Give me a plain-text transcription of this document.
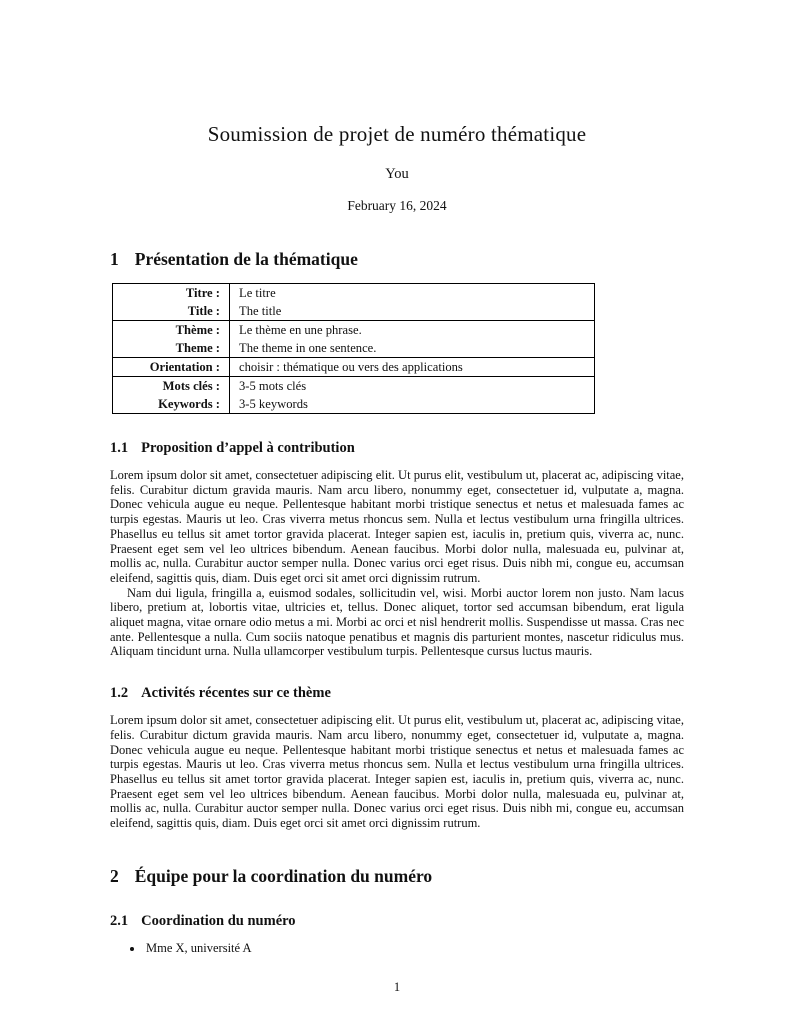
Soumission de projet de numéro thématique
You
February 16, 2024
1 Présentation de la thématique
Titre :	Le titre
Title :	The title
Thème :	Le thème en une phrase.
Theme :	The theme in one sentence.
Orientation :	choisir : thématique ou vers des applications
Mots clés :	3-5 mots clés
Keywords :	3-5 keywords
1.1 Proposition d’appel à contribution

Lorem ipsum dolor sit amet, consectetuer adipiscing elit. Ut purus elit, vestibulum ut, placerat ac, adipiscing vitae, felis. Curabitur dictum gravida mauris. Nam arcu libero, nonummy eget, consectetuer id, vulputate a, magna. Donec vehicula augue eu neque. Pellentesque habitant morbi tristique senectus et netus et malesuada fames ac turpis egestas. Mauris ut leo. Cras viverra metus rhoncus sem. Nulla et lectus vestibulum urna fringilla ultrices. Phasellus eu tellus sit amet tortor gravida placerat. Integer sapien est, iaculis in, pretium quis, viverra ac, nunc. Praesent eget sem vel leo ultrices bibendum. Aenean faucibus. Morbi dolor nulla, malesuada eu, pulvinar at, mollis ac, nulla. Curabitur auctor semper nulla. Donec varius orci eget risus. Duis nibh mi, congue eu, accumsan eleifend, sagittis quis, diam. Duis eget orci sit amet orci dignissim rutrum.

Nam dui ligula, fringilla a, euismod sodales, sollicitudin vel, wisi. Morbi auctor lorem non justo. Nam lacus libero, pretium at, lobortis vitae, ultricies et, tellus. Donec aliquet, tortor sed accumsan bibendum, erat ligula aliquet magna, vitae ornare odio metus a mi. Morbi ac orci et nisl hendrerit mollis. Suspendisse ut massa. Cras nec ante. Pellentesque a nulla. Cum sociis natoque penatibus et magnis dis parturient montes, nascetur ridiculus mus. Aliquam tincidunt urna. Nulla ullamcorper vestibulum turpis. Pellentesque cursus luctus mauris.

1.2 Activités récentes sur ce thème

Lorem ipsum dolor sit amet, consectetuer adipiscing elit. Ut purus elit, vestibulum ut, placerat ac, adipiscing vitae, felis. Curabitur dictum gravida mauris. Nam arcu libero, nonummy eget, consectetuer id, vulputate a, magna. Donec vehicula augue eu neque. Pellentesque habitant morbi tristique senectus et netus et malesuada fames ac turpis egestas. Mauris ut leo. Cras viverra metus rhoncus sem. Nulla et lectus vestibulum urna fringilla ultrices. Phasellus eu tellus sit amet tortor gravida placerat. Integer sapien est, iaculis in, pretium quis, viverra ac, nunc. Praesent eget sem vel leo ultrices bibendum. Aenean faucibus. Morbi dolor nulla, malesuada eu, pulvinar at, mollis ac, nulla. Curabitur auctor semper nulla. Donec varius orci eget risus. Duis nibh mi, congue eu, accumsan eleifend, sagittis quis, diam. Duis eget orci sit amet orci dignissim rutrum.

2 Équipe pour la coordination du numéro
2.1 Coordination du numéro
• Mme X, université A
1
